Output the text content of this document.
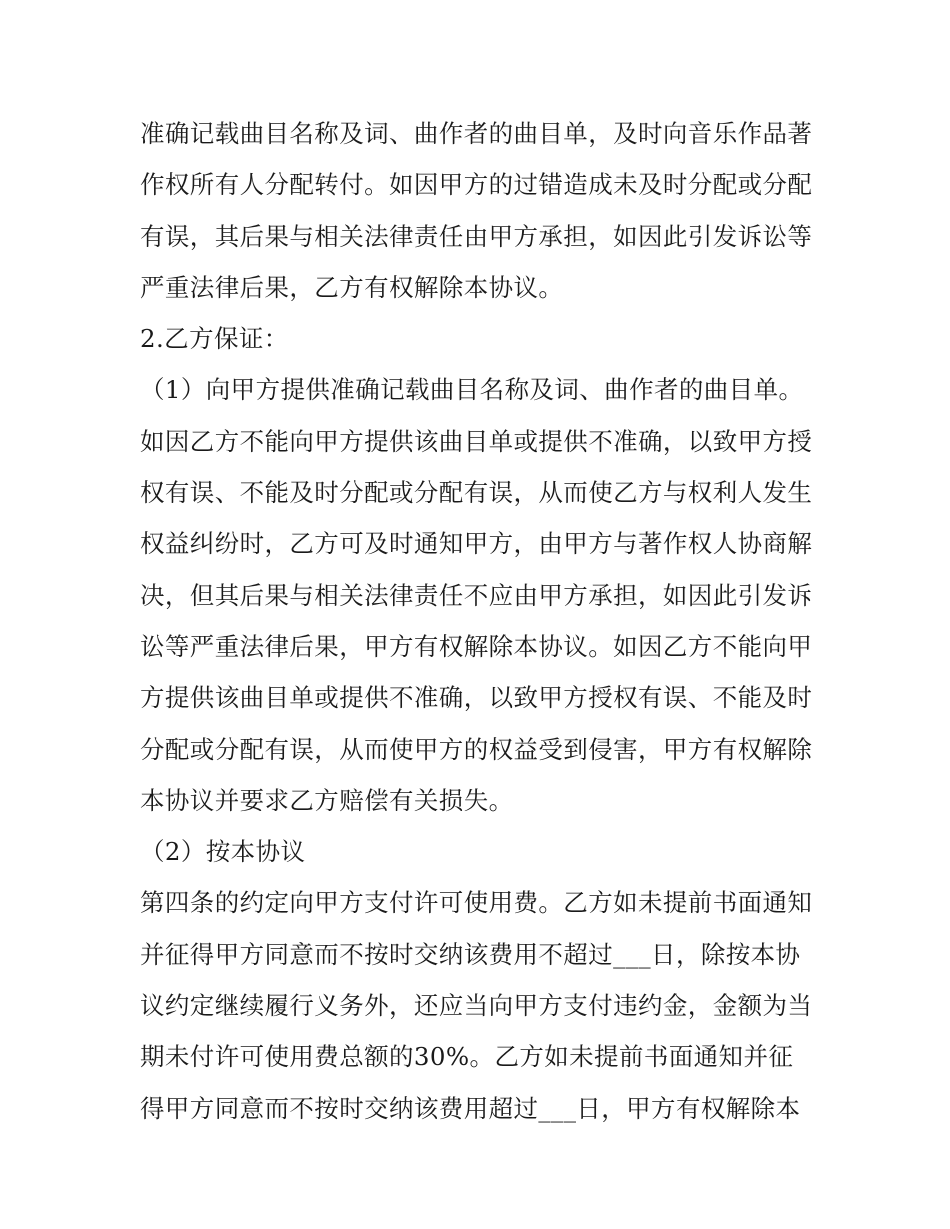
准确记载曲目名称及词、曲作者的曲目单，及时向音乐作品著
作权所有人分配转付。如因甲方的过错造成未及时分配或分配
有误，其后果与相关法律责任由甲方承担，如因此引发诉讼等
严重法律后果，乙方有权解除本协议。
2.乙方保证：
（1）向甲方提供准确记载曲目名称及词、曲作者的曲目单。
如因乙方不能向甲方提供该曲目单或提供不准确，以致甲方授
权有误、不能及时分配或分配有误，从而使乙方与权利人发生
权益纠纷时，乙方可及时通知甲方，由甲方与著作权人协商解
决，但其后果与相关法律责任不应由甲方承担，如因此引发诉
讼等严重法律后果，甲方有权解除本协议。如因乙方不能向甲
方提供该曲目单或提供不准确，以致甲方授权有误、不能及时
分配或分配有误，从而使甲方的权益受到侵害，甲方有权解除
本协议并要求乙方赔偿有关损失。
（2）按本协议
第四条的约定向甲方支付许可使用费。乙方如未提前书面通知
并征得甲方同意而不按时交纳该费用不超过___日，除按本协
议约定继续履行义务外，还应当向甲方支付违约金，金额为当
期未付许可使用费总额的30%。乙方如未提前书面通知并征
得甲方同意而不按时交纳该费用超过___日，甲方有权解除本
